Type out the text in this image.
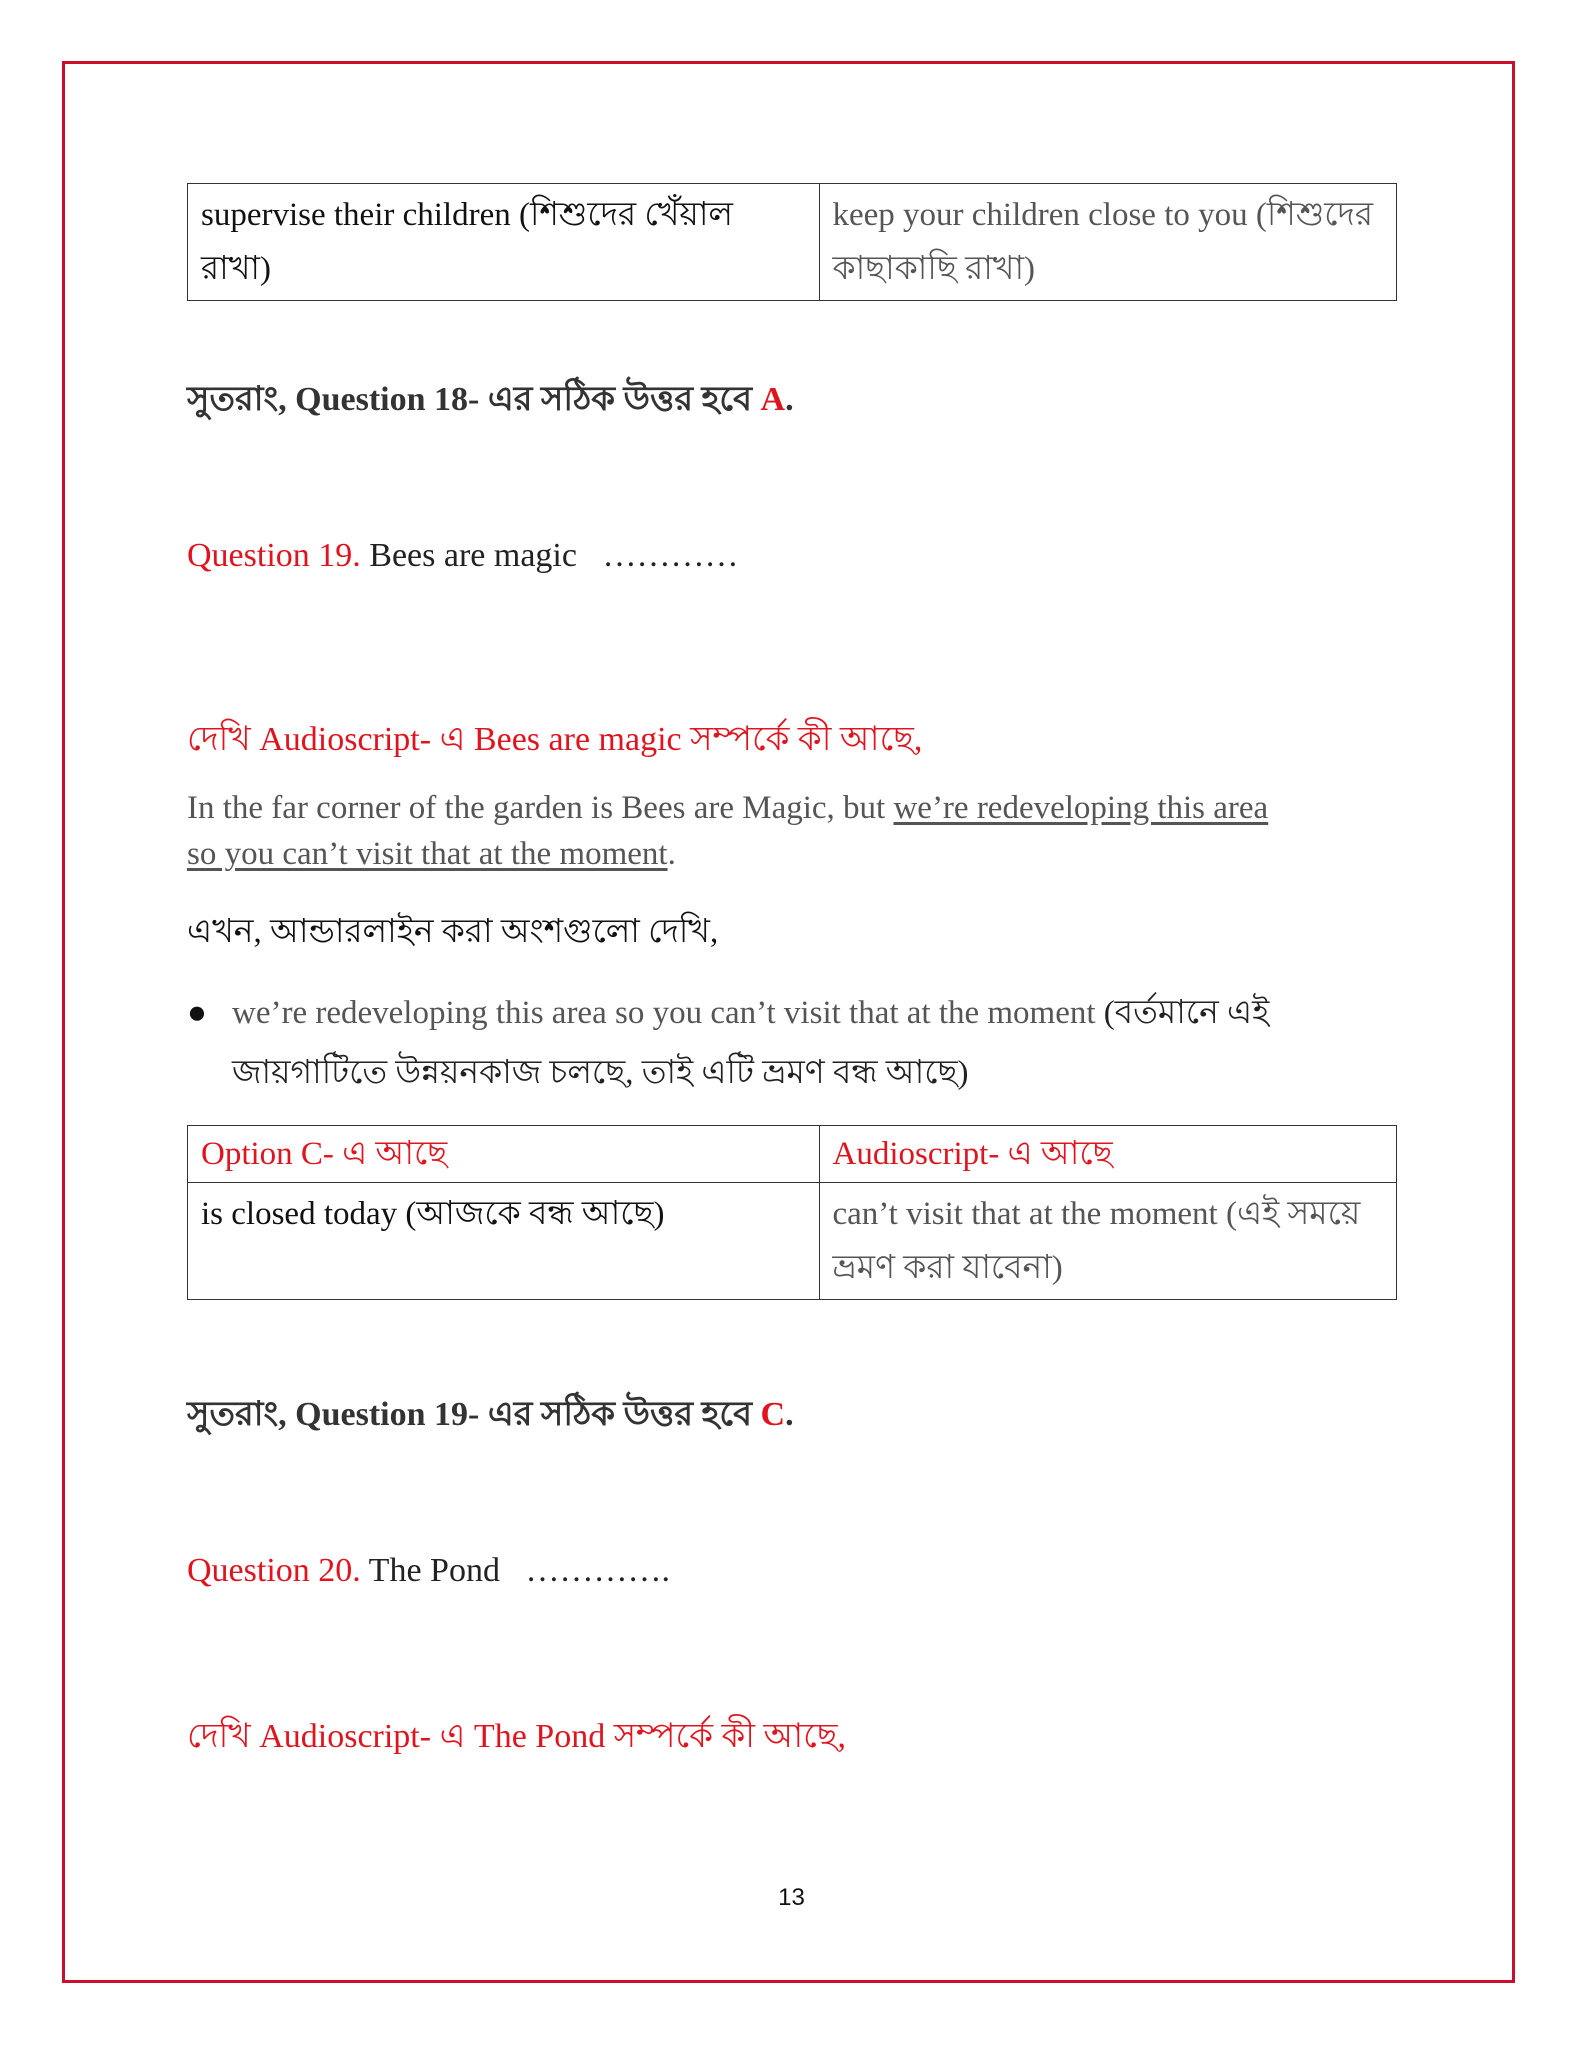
supervise their children (শিশুদের খেঁয়াল রাখা)	keep your children close to you (শিশুদের কাছাকাছি রাখা)
সুতরাং, Question 18- এর সঠিক উত্তর হবে A.
Question 19. Bees are magic   …………
দেখি Audioscript- এ Bees are magic সম্পর্কে কী আছে,
In the far corner of the garden is Bees are Magic, but we’re redeveloping this area
so you can’t visit that at the moment.
এখন, আন্ডারলাইন করা অংশগুলো দেখি,
● we’re redeveloping this area so you can’t visit that at the moment (বর্তমানে এই
জায়গাটিতে উন্নয়নকাজ চলছে, তাই এটি ভ্রমণ বন্ধ আছে)
Option C- এ আছে	Audioscript- এ আছে
is closed today (আজকে বন্ধ আছে)	can’t visit that at the moment (এই সময়ে ভ্রমণ করা যাবেনা)
সুতরাং, Question 19- এর সঠিক উত্তর হবে C.
Question 20. The Pond   ………….
দেখি Audioscript- এ The Pond সম্পর্কে কী আছে,
13
